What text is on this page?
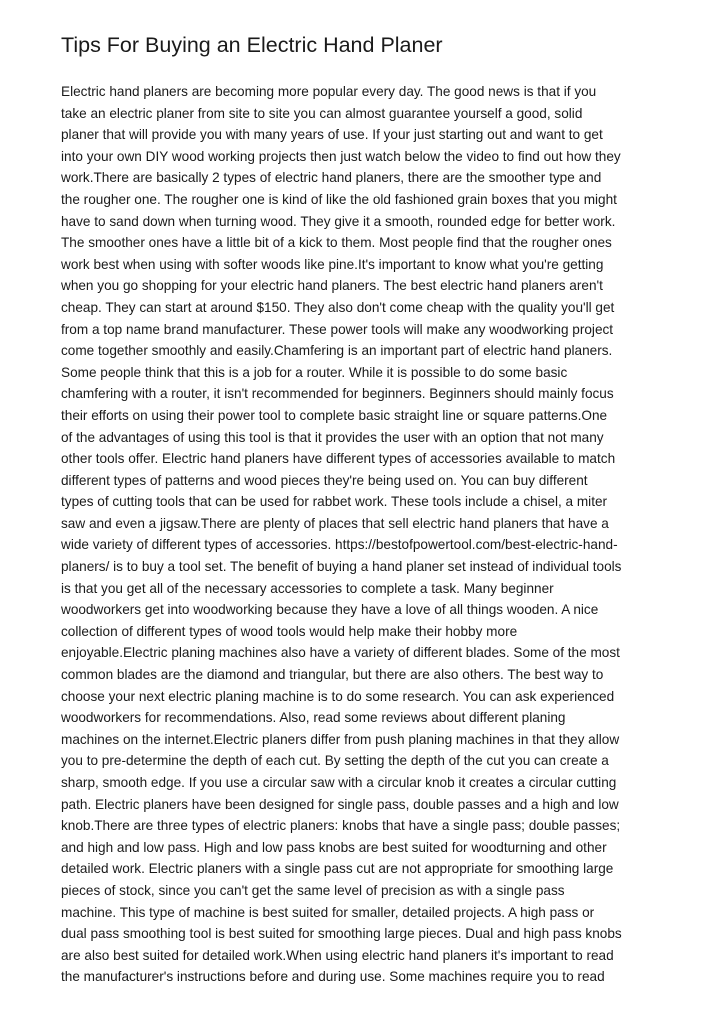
Tips For Buying an Electric Hand Planer
Electric hand planers are becoming more popular every day. The good news is that if you
take an electric planer from site to site you can almost guarantee yourself a good, solid
planer that will provide you with many years of use. If your just starting out and want to get
into your own DIY wood working projects then just watch below the video to find out how they
work.There are basically 2 types of electric hand planers, there are the smoother type and
the rougher one. The rougher one is kind of like the old fashioned grain boxes that you might
have to sand down when turning wood. They give it a smooth, rounded edge for better work.
The smoother ones have a little bit of a kick to them. Most people find that the rougher ones
work best when using with softer woods like pine.It's important to know what you're getting
when you go shopping for your electric hand planers. The best electric hand planers aren't
cheap. They can start at around $150. They also don't come cheap with the quality you'll get
from a top name brand manufacturer. These power tools will make any woodworking project
come together smoothly and easily.Chamfering is an important part of electric hand planers.
Some people think that this is a job for a router. While it is possible to do some basic
chamfering with a router, it isn't recommended for beginners. Beginners should mainly focus
their efforts on using their power tool to complete basic straight line or square patterns.One
of the advantages of using this tool is that it provides the user with an option that not many
other tools offer. Electric hand planers have different types of accessories available to match
different types of patterns and wood pieces they're being used on. You can buy different
types of cutting tools that can be used for rabbet work. These tools include a chisel, a miter
saw and even a jigsaw.There are plenty of places that sell electric hand planers that have a
wide variety of different types of accessories. https://bestofpowertool.com/best-electric-hand-
planers/ is to buy a tool set. The benefit of buying a hand planer set instead of individual tools
is that you get all of the necessary accessories to complete a task. Many beginner
woodworkers get into woodworking because they have a love of all things wooden. A nice
collection of different types of wood tools would help make their hobby more
enjoyable.Electric planing machines also have a variety of different blades. Some of the most
common blades are the diamond and triangular, but there are also others. The best way to
choose your next electric planing machine is to do some research. You can ask experienced
woodworkers for recommendations. Also, read some reviews about different planing
machines on the internet.Electric planers differ from push planing machines in that they allow
you to pre-determine the depth of each cut. By setting the depth of the cut you can create a
sharp, smooth edge. If you use a circular saw with a circular knob it creates a circular cutting
path. Electric planers have been designed for single pass, double passes and a high and low
knob.There are three types of electric planers: knobs that have a single pass; double passes;
and high and low pass. High and low pass knobs are best suited for woodturning and other
detailed work. Electric planers with a single pass cut are not appropriate for smoothing large
pieces of stock, since you can't get the same level of precision as with a single pass
machine. This type of machine is best suited for smaller, detailed projects. A high pass or
dual pass smoothing tool is best suited for smoothing large pieces. Dual and high pass knobs
are also best suited for detailed work.When using electric hand planers it's important to read
the manufacturer's instructions before and during use. Some machines require you to read
